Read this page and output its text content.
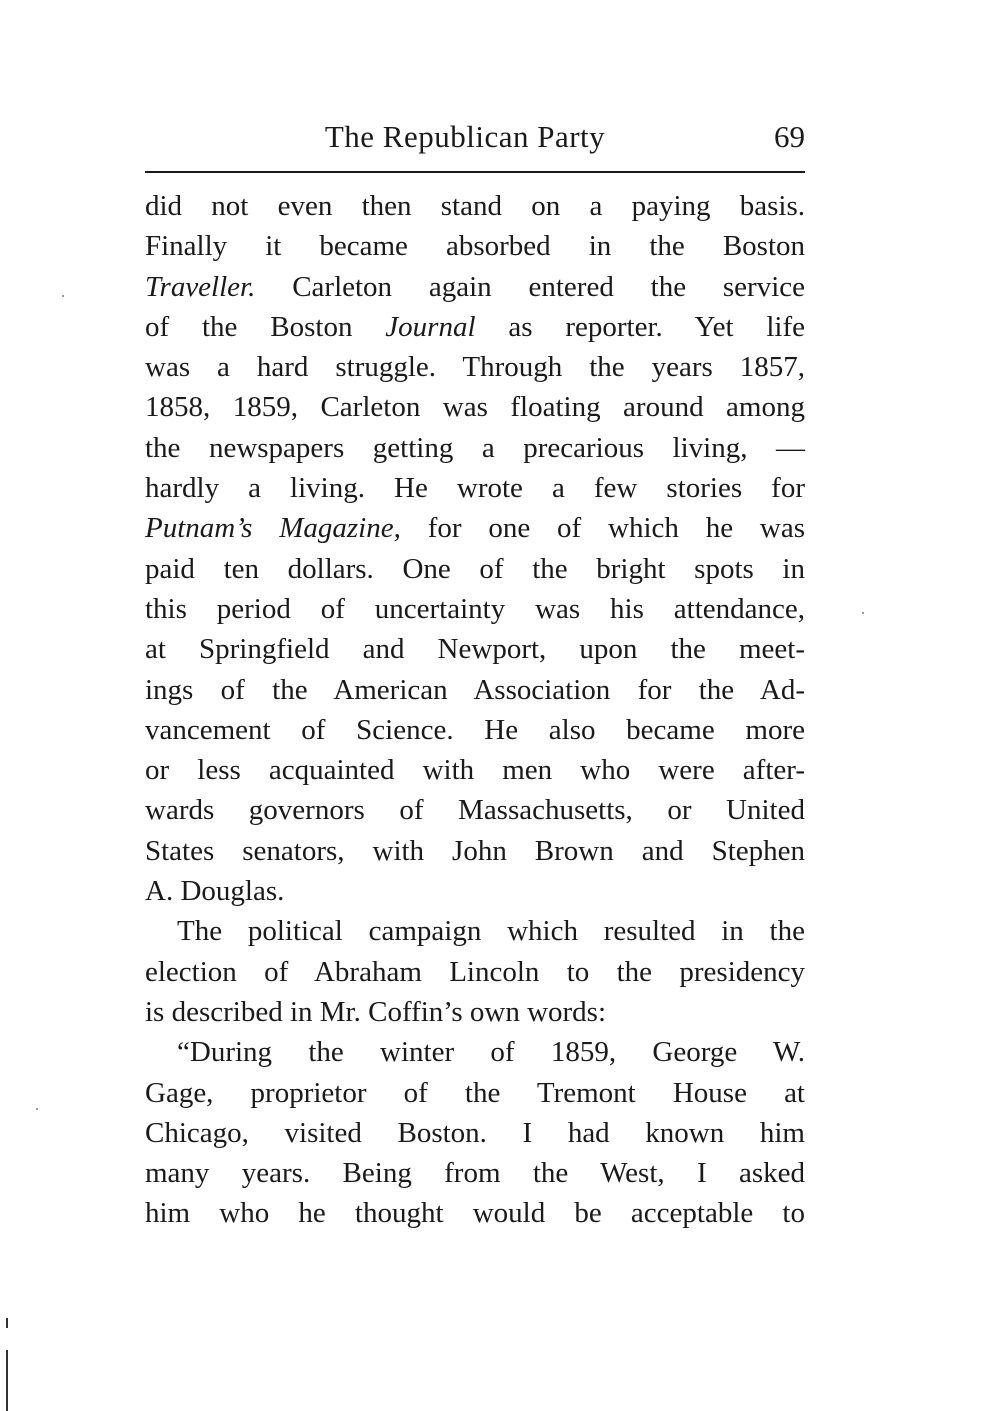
The Republican Party	69
did not even then stand on a paying basis.
Finally it became absorbed in the Boston
Traveller. Carleton again entered the service
of the Boston Journal as reporter. Yet life
was a hard struggle. Through the years 1857,
1858, 1859, Carleton was floating around among
the newspapers getting a precarious living, —
hardly a living. He wrote a few stories for
Putnam’s Magazine, for one of which he was
paid ten dollars. One of the bright spots in
this period of uncertainty was his attendance,
at Springfield and Newport, upon the meet-
ings of the American Association for the Ad-
vancement of Science. He also became more
or less acquainted with men who were after-
wards governors of Massachusetts, or United
States senators, with John Brown and Stephen
A. Douglas.
The political campaign which resulted in the
election of Abraham Lincoln to the presidency
is described in Mr. Coffin’s own words:
“During the winter of 1859, George W.
Gage, proprietor of the Tremont House at
Chicago, visited Boston. I had known him
many years. Being from the West, I asked
him who he thought would be acceptable to
